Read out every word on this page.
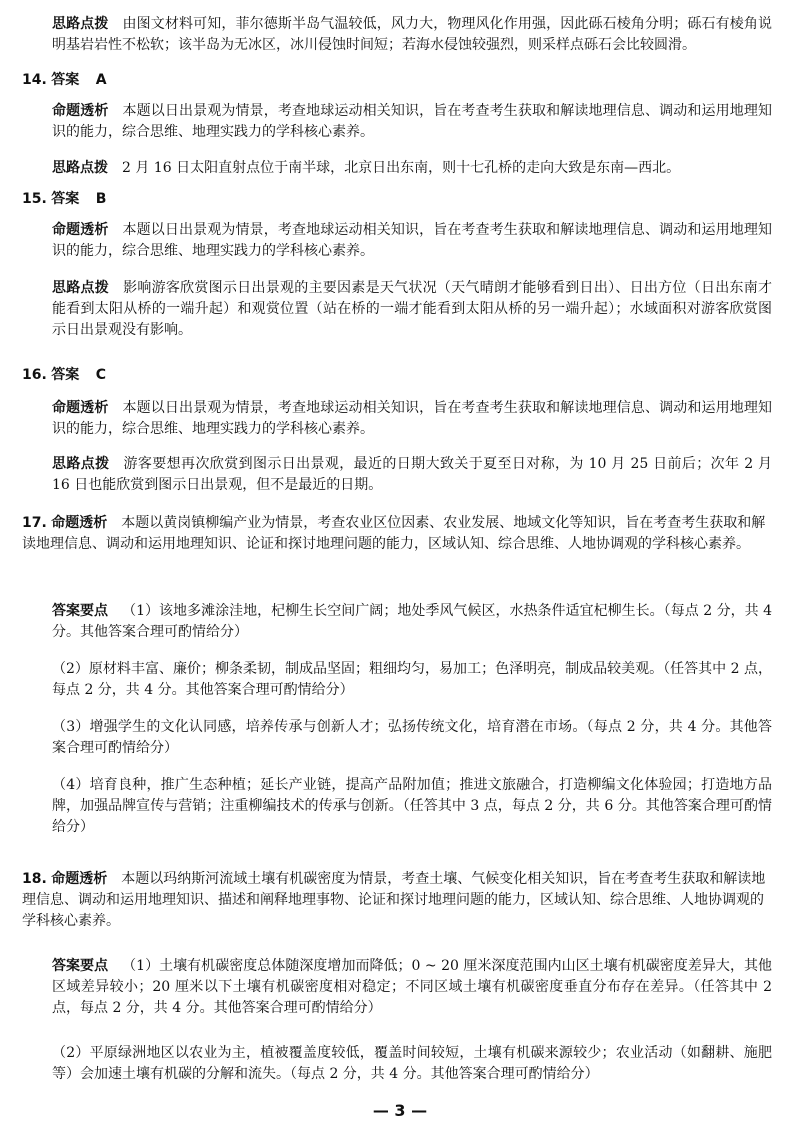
思路点拨 由图文材料可知，菲尔德斯半岛气温较低，风力大，物理风化作用强，因此砾石棱角分明；砾石有棱角说明基岩岩性不松软；该半岛为无冰区，冰川侵蚀时间短；若海水侵蚀较强烈，则采样点砾石会比较圆滑。
14. 答案 A
命题透析 本题以日出景观为情景，考查地球运动相关知识，旨在考查考生获取和解读地理信息、调动和运用地理知识的能力，综合思维、地理实践力的学科核心素养。
思路点拨 2 月 16 日太阳直射点位于南半球，北京日出东南，则十七孔桥的走向大致是东南—西北。
15. 答案 B
命题透析 本题以日出景观为情景，考查地球运动相关知识，旨在考查考生获取和解读地理信息、调动和运用地理知识的能力，综合思维、地理实践力的学科核心素养。
思路点拨 影响游客欣赏图示日出景观的主要因素是天气状况（天气晴朗才能够看到日出）、日出方位（日出东南才能看到太阳从桥的一端升起）和观赏位置（站在桥的一端才能看到太阳从桥的另一端升起）；水域面积对游客欣赏图示日出景观没有影响。
16. 答案 C
命题透析 本题以日出景观为情景，考查地球运动相关知识，旨在考查考生获取和解读地理信息、调动和运用地理知识的能力，综合思维、地理实践力的学科核心素养。
思路点拨 游客要想再次欣赏到图示日出景观，最近的日期大致关于夏至日对称，为 10 月 25 日前后；次年 2 月 16 日也能欣赏到图示日出景观，但不是最近的日期。
17. 命题透析 本题以黄岗镇柳编产业为情景，考查农业区位因素、农业发展、地域文化等知识，旨在考查考生获取和解读地理信息、调动和运用地理知识、论证和探讨地理问题的能力，区域认知、综合思维、人地协调观的学科核心素养。
答案要点 （1）该地多滩涂洼地，杞柳生长空间广阔；地处季风气候区，水热条件适宜杞柳生长。（每点 2 分，共 4 分。其他答案合理可酌情给分）
（2）原材料丰富、廉价；柳条柔韧，制成品坚固；粗细均匀，易加工；色泽明亮，制成品较美观。（任答其中 2 点，每点 2 分，共 4 分。其他答案合理可酌情给分）
（3）增强学生的文化认同感，培养传承与创新人才；弘扬传统文化，培育潜在市场。（每点 2 分，共 4 分。其他答案合理可酌情给分）
（4）培育良种，推广生态种植；延长产业链，提高产品附加值；推进文旅融合，打造柳编文化体验园；打造地方品牌，加强品牌宣传与营销；注重柳编技术的传承与创新。（任答其中 3 点，每点 2 分，共 6 分。其他答案合理可酌情给分）
18. 命题透析 本题以玛纳斯河流域土壤有机碳密度为情景，考查土壤、气候变化相关知识，旨在考查考生获取和解读地理信息、调动和运用地理知识、描述和阐释地理事物、论证和探讨地理问题的能力，区域认知、综合思维、人地协调观的学科核心素养。
答案要点 （1）土壤有机碳密度总体随深度增加而降低；0 ~ 20 厘米深度范围内山区土壤有机碳密度差异大，其他区域差异较小；20 厘米以下土壤有机碳密度相对稳定；不同区域土壤有机碳密度垂直分布存在差异。（任答其中 2 点，每点 2 分，共 4 分。其他答案合理可酌情给分）
（2）平原绿洲地区以农业为主，植被覆盖度较低，覆盖时间较短，土壤有机碳来源较少；农业活动（如翻耕、施肥等）会加速土壤有机碳的分解和流失。（每点 2 分，共 4 分。其他答案合理可酌情给分）
— 3 —
